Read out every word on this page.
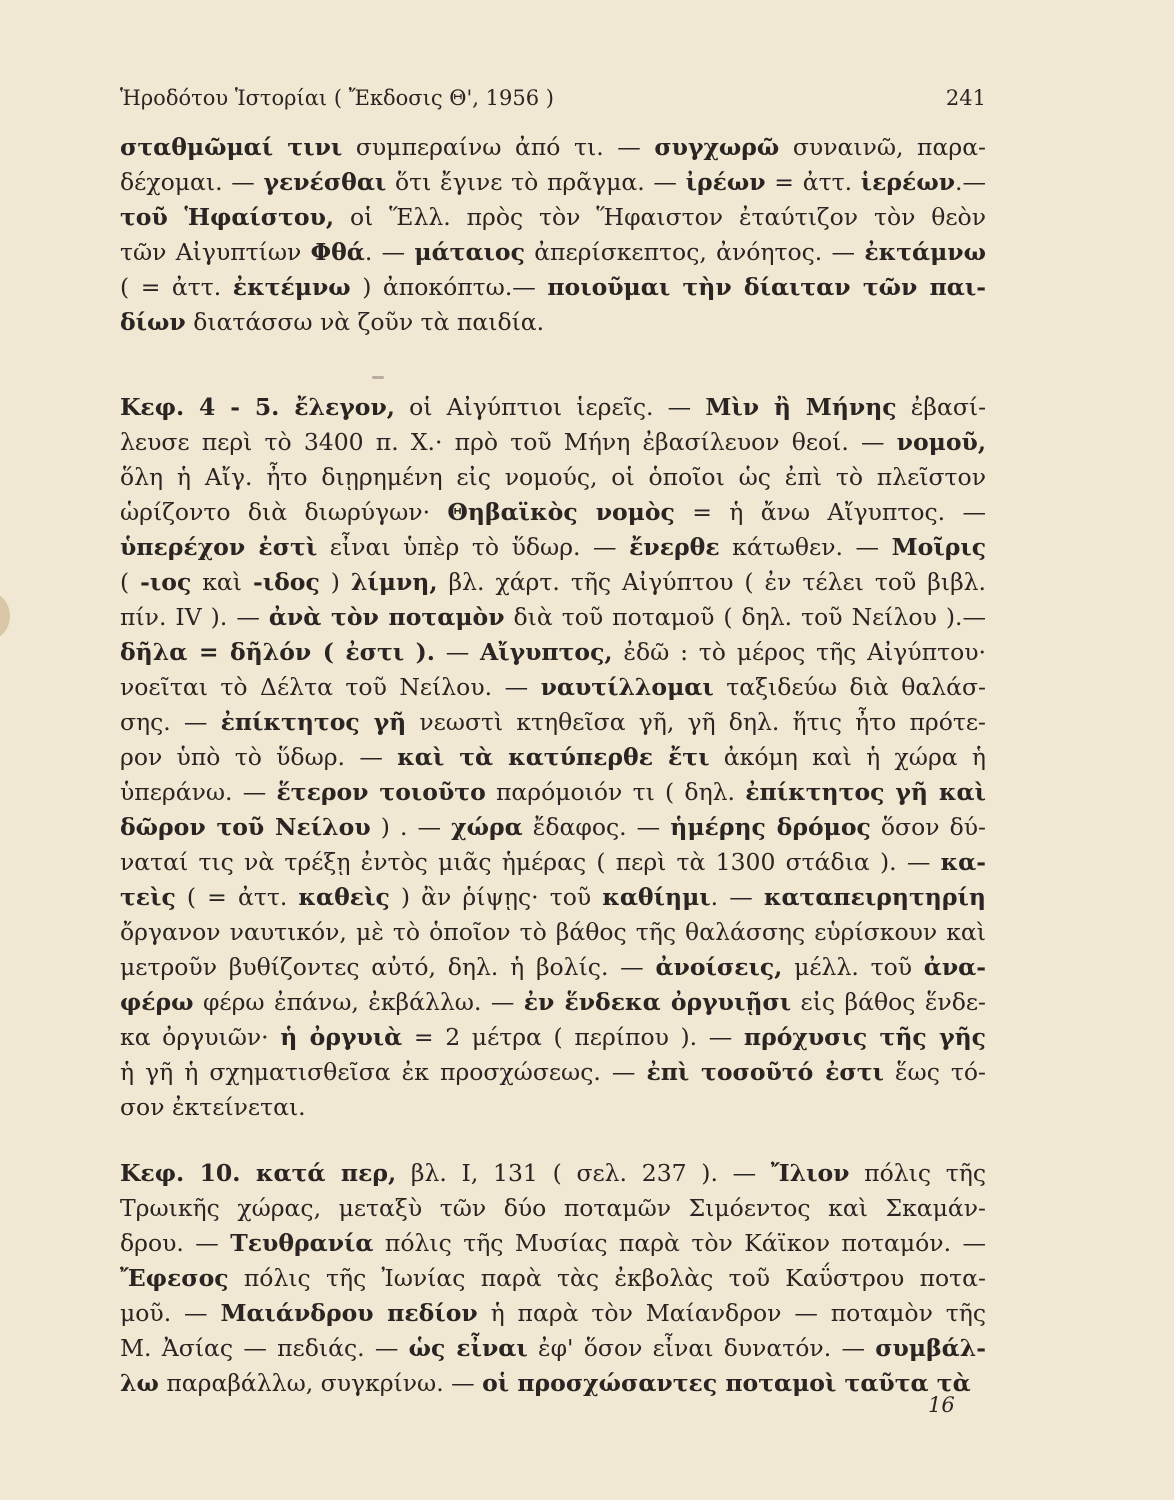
Ἡροδότου Ἱστορίαι ( Ἔκδοσις Θ', 1956 )	241
σταθμῶμαί τινι συμπεραίνω ἀπό τι. — συγχωρῶ συναινῶ, παρα-
δέχομαι. — γενέσθαι ὅτι ἔγινε τὸ πρᾶγμα. — ἰρέων = ἀττ. ἱερέων.—
τοῦ Ἡφαίστου, οἱ Ἕλλ. πρὸς τὸν Ἥφαιστον ἐταύτιζον τὸν θεὸν
τῶν Αἰγυπτίων Φθά. — μάταιος ἀπερίσκεπτος, ἀνόητος. — ἐκτάμνω
( = ἀττ. ἐκτέμνω ) ἀποκόπτω.— ποιοῦμαι τὴν δίαιταν τῶν παι-
δίων διατάσσω νὰ ζοῦν τὰ παιδία.
Κεφ. 4 - 5. ἔλεγον, οἱ Αἰγύπτιοι ἱερεῖς. — Μὶν ἢ Μήνης ἐβασί-
λευσε περὶ τὸ 3400 π. Χ.· πρὸ τοῦ Μήνη ἐβασίλευον θεοί. — νομοῦ,
ὅλη ἡ Αἴγ. ἦτο διῃρημένη εἰς νομούς, οἱ ὁποῖοι ὡς ἐπὶ τὸ πλεῖστον
ὡρίζοντο διὰ διωρύγων· Θηβαϊκὸς νομὸς = ἡ ἄνω Αἴγυπτος. —
ὑπερέχον ἐστὶ εἶναι ὑπὲρ τὸ ὕδωρ. — ἔνερθε κάτωθεν. — Μοῖρις
( -ιος καὶ -ιδος ) λίμνη, βλ. χάρτ. τῆς Αἰγύπτου ( ἐν τέλει τοῦ βιβλ.
πίν. IV ). — ἀνὰ τὸν ποταμὸν διὰ τοῦ ποταμοῦ ( δηλ. τοῦ Νείλου ).—
δῆλα = δῆλόν ( ἐστι ). — Αἴγυπτος, ἐδῶ : τὸ μέρος τῆς Αἰγύπτου·
νοεῖται τὸ Δέλτα τοῦ Νείλου. — ναυτίλλομαι ταξιδεύω διὰ θαλάσ-
σης. — ἐπίκτητος γῆ νεωστὶ κτηθεῖσα γῆ, γῆ δηλ. ἥτις ἦτο πρότε-
ρον ὑπὸ τὸ ὕδωρ. — καὶ τὰ κατύπερθε ἔτι ἀκόμη καὶ ἡ χώρα ἡ
ὑπεράνω. — ἕτερον τοιοῦτο παρόμοιόν τι ( δηλ. ἐπίκτητος γῆ καὶ
δῶρον τοῦ Νείλου ) . — χώρα ἔδαφος. — ἡμέρης δρόμος ὅσον δύ-
ναταί τις νὰ τρέξῃ ἐντὸς μιᾶς ἡμέρας ( περὶ τὰ 1300 στάδια ). — κα-
τεὶς ( = ἀττ. καθεὶς ) ἂν ῥίψῃς· τοῦ καθίημι. — καταπειρητηρίη
ὄργανον ναυτικόν, μὲ τὸ ὁποῖον τὸ βάθος τῆς θαλάσσης εὑρίσκουν καὶ
μετροῦν βυθίζοντες αὐτό, δηλ. ἡ βολίς. — ἀνοίσεις, μέλλ. τοῦ ἀνα-
φέρω φέρω ἐπάνω, ἐκβάλλω. — ἐν ἕνδεκα ὀργυιῇσι εἰς βάθος ἕνδε-
κα ὀργυιῶν· ἡ ὀργυιὰ = 2 μέτρα ( περίπου ). — πρόχυσις τῆς γῆς
ἡ γῆ ἡ σχηματισθεῖσα ἐκ προσχώσεως. — ἐπὶ τοσοῦτό ἐστι ἕως τό-
σον ἐκτείνεται.
Κεφ. 10. κατά περ, βλ. Ι, 131 ( σελ. 237 ). — Ἴλιον πόλις τῆς
Τρωικῆς χώρας, μεταξὺ τῶν δύο ποταμῶν Σιμόεντος καὶ Σκαμάν-
δρου. — Τευθρανία πόλις τῆς Μυσίας παρὰ τὸν Κάϊκον ποταμόν. —
Ἔφεσος πόλις τῆς Ἰωνίας παρὰ τὰς ἐκβολὰς τοῦ Καΰστρου ποτα-
μοῦ. — Μαιάνδρου πεδίον ἡ παρὰ τὸν Μαίανδρον — ποταμὸν τῆς
Μ. Ἀσίας — πεδιάς. — ὡς εἶναι ἐφ' ὅσον εἶναι δυνατόν. — συμβάλ-
λω παραβάλλω, συγκρίνω. — οἱ προσχώσαντες ποταμοὶ ταῦτα τὰ
16
